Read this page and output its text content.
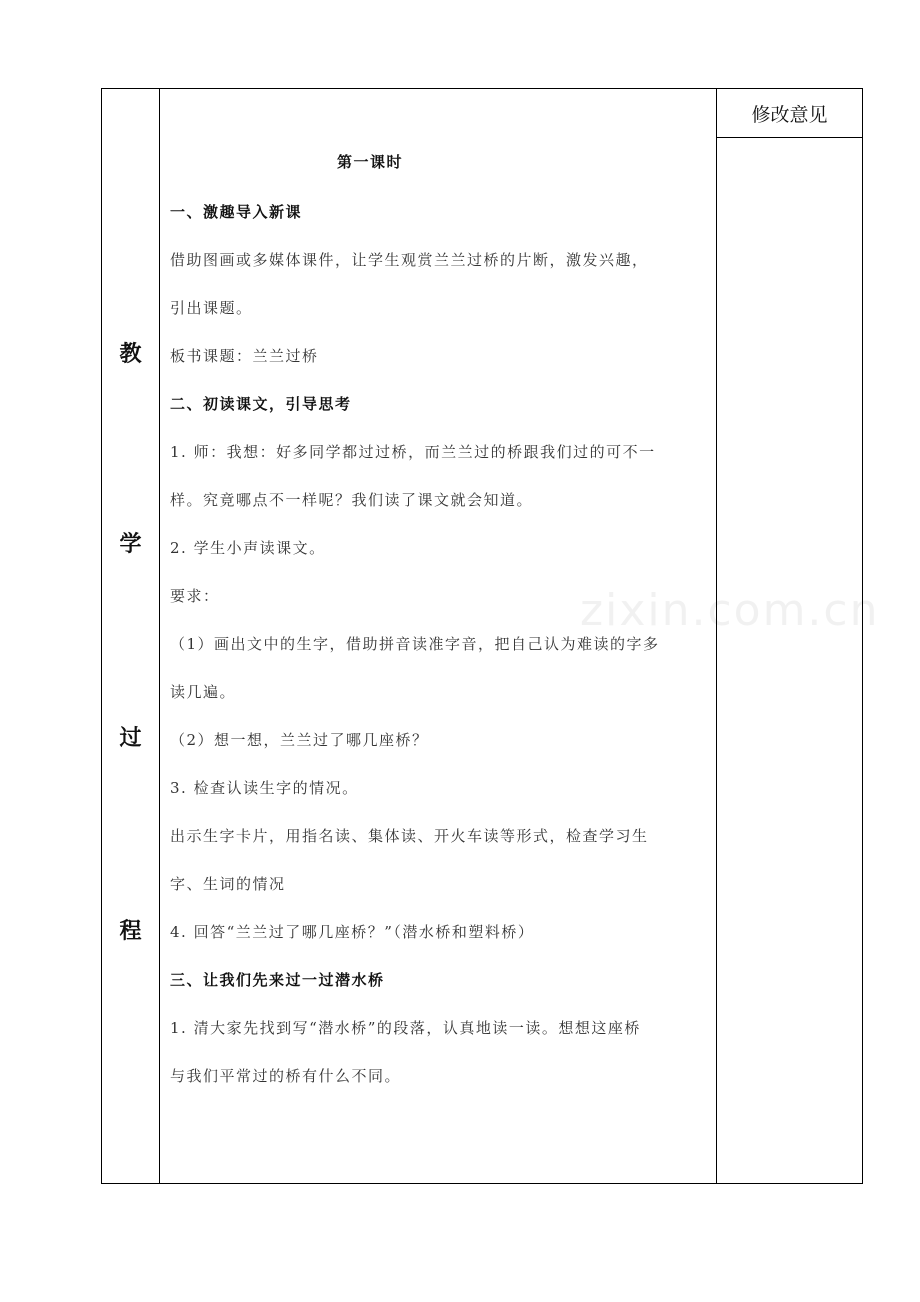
zixin.com.cn
教
学
过
程
修改意见
第一课时
一、激趣导入新课
借助图画或多媒体课件，让学生观赏兰兰过桥的片断，激发兴趣，
引出课题。
板书课题：兰兰过桥
二、初读课文，引导思考
1. 师：我想：好多同学都过过桥，而兰兰过的桥跟我们过的可不一
样。究竟哪点不一样呢？我们读了课文就会知道。
2. 学生小声读课文。
要求：
（1）画出文中的生字，借助拼音读准字音，把自己认为难读的字多
读几遍。
（2）想一想，兰兰过了哪几座桥？
3. 检查认读生字的情况。
出示生字卡片，用指名读、集体读、开火车读等形式，检查学习生
字、生词的情况
4. 回答“兰兰过了哪几座桥？”（潜水桥和塑料桥）
三、让我们先来过一过潜水桥
1. 清大家先找到写“潜水桥”的段落，认真地读一读。想想这座桥
与我们平常过的桥有什么不同。
